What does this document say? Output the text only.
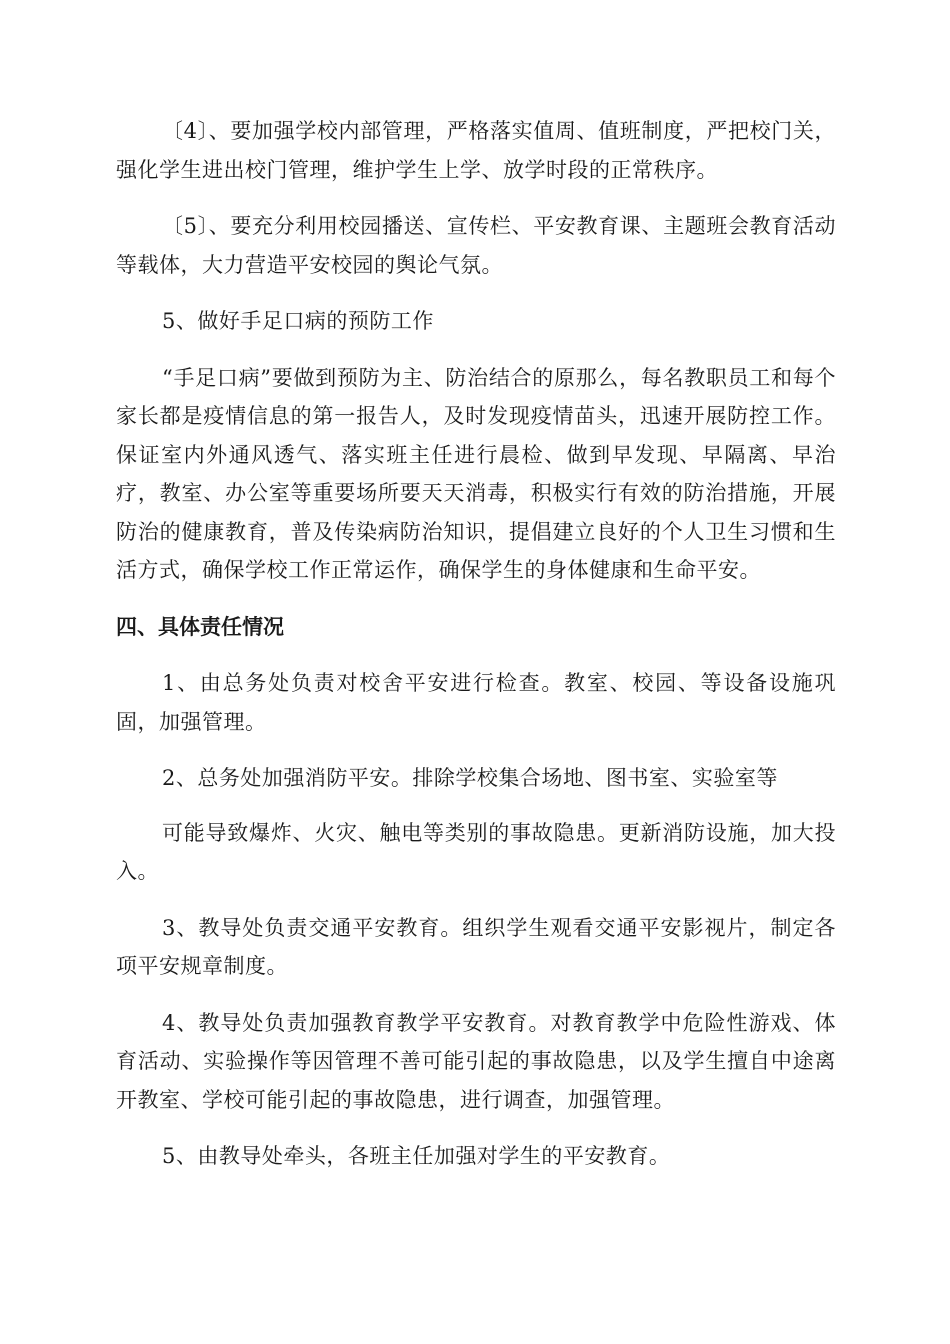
〔4〕、要加强学校内部管理，严格落实值周、值班制度，严把校门关，强化学生进出校门管理，维护学生上学、放学时段的正常秩序。

〔5〕、要充分利用校园播送、宣传栏、平安教育课、主题班会教育活动等载体，大力营造平安校园的舆论气氛。

5、做好手足口病的预防工作

“手足口病”要做到预防为主、防治结合的原那么，每名教职员工和每个家长都是疫情信息的第一报告人，及时发现疫情苗头，迅速开展防控工作。保证室内外通风透气、落实班主任进行晨检、做到早发现、早隔离、早治疗，教室、办公室等重要场所要天天消毒，积极实行有效的防治措施，开展防治的健康教育，普及传染病防治知识，提倡建立良好的个人卫生习惯和生活方式，确保学校工作正常运作，确保学生的身体健康和生命平安。

四、具体责任情况

1、由总务处负责对校舍平安进行检查。教室、校园、等设备设施巩固，加强管理。

2、总务处加强消防平安。排除学校集合场地、图书室、实验室等

可能导致爆炸、火灾、触电等类别的事故隐患。更新消防设施，加大投入。

3、教导处负责交通平安教育。组织学生观看交通平安影视片，制定各项平安规章制度。

4、教导处负责加强教育教学平安教育。对教育教学中危险性游戏、体育活动、实验操作等因管理不善可能引起的事故隐患，以及学生擅自中途离开教室、学校可能引起的事故隐患，进行调查，加强管理。

5、由教导处牵头，各班主任加强对学生的平安教育。
